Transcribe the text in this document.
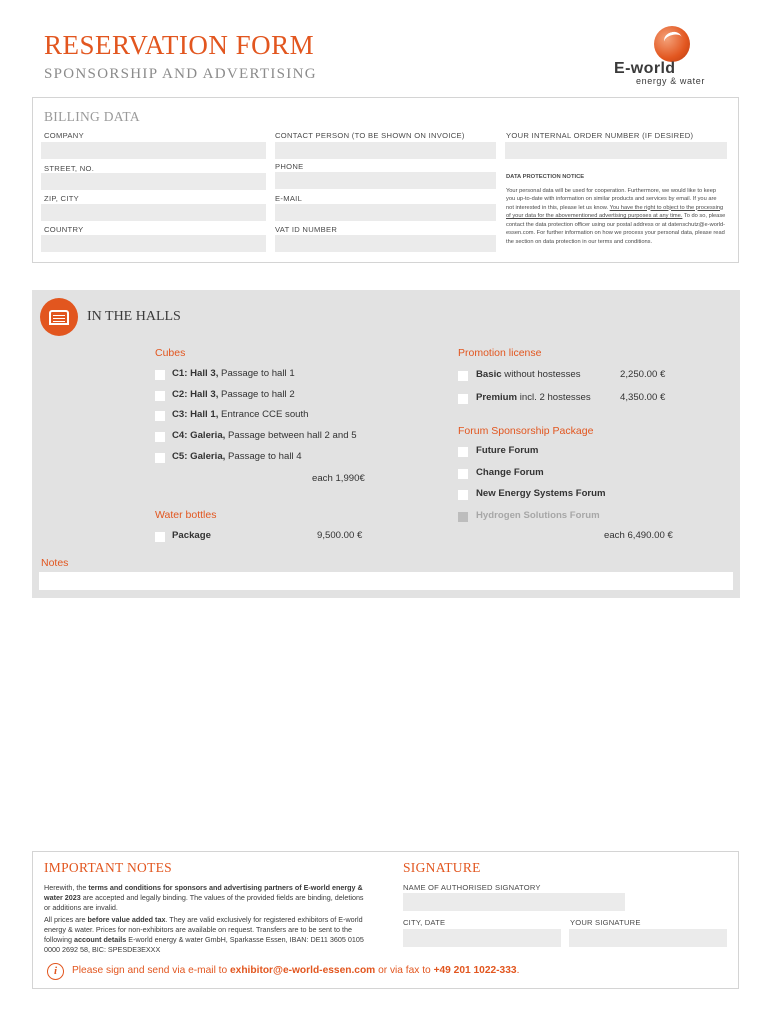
RESERVATION FORM
SPONSORSHIP AND ADVERTISING	E-world
energy & water
BILLING DATA
COMPANY	CONTACT PERSON (TO BE SHOWN ON INVOICE)	YOUR INTERNAL ORDER NUMBER (IF DESIRED)
STREET, NO.	PHONE
ZIP, CITY	E-MAIL
COUNTRY	VAT ID NUMBER
DATA PROTECTION NOTICE
Your personal data will be used for cooperation. Furthermore, we would like to keep you up-to-date with information on similar products and services by email. If you are not interested in this, please let us know. You have the right to object to the processing of your data for the abovementioned advertising purposes at any time. To do so, please contact the data protection officer using our postal address or at datenschutz@e-world-essen.com. For further information on how we process your personal data, please read the section on data protection in our terms and conditions.
IN THE HALLS
Cubes
C1: Hall 3, Passage to hall 1
C2: Hall 3, Passage to hall 2
C3: Hall 1, Entrance CCE south
C4: Galeria, Passage between hall 2 and 5
C5: Galeria, Passage to hall 4
each 1,990€
Water bottles
Package	9,500.00 €
Promotion license
Basic without hostesses	2,250.00 €
Premium incl. 2 hostesses	4,350.00 €
Forum Sponsorship Package
Future Forum
Change Forum
New Energy Systems Forum
Hydrogen Solutions Forum
each 6,490.00 €
Notes
IMPORTANT NOTES
Herewith, the terms and conditions for sponsors and advertising partners of E-world energy & water 2023 are accepted and legally binding. The values of the provided fields are binding, deletions or additions are invalid.
All prices are before value added tax. They are valid exclusively for registered exhibitors of E-world energy & water. Prices for non-exhibitors are available on request. Transfers are to be sent to the following account details E-world energy & water GmbH, Sparkasse Essen, IBAN: DE11 3605 0105 0000 2692 58, BIC: SPESDE3EXXX
SIGNATURE
NAME OF AUTHORISED SIGNATORY
CITY, DATE	YOUR SIGNATURE
i	Please sign and send via e-mail to exhibitor@e-world-essen.com or via fax to +49 201 1022-333.
